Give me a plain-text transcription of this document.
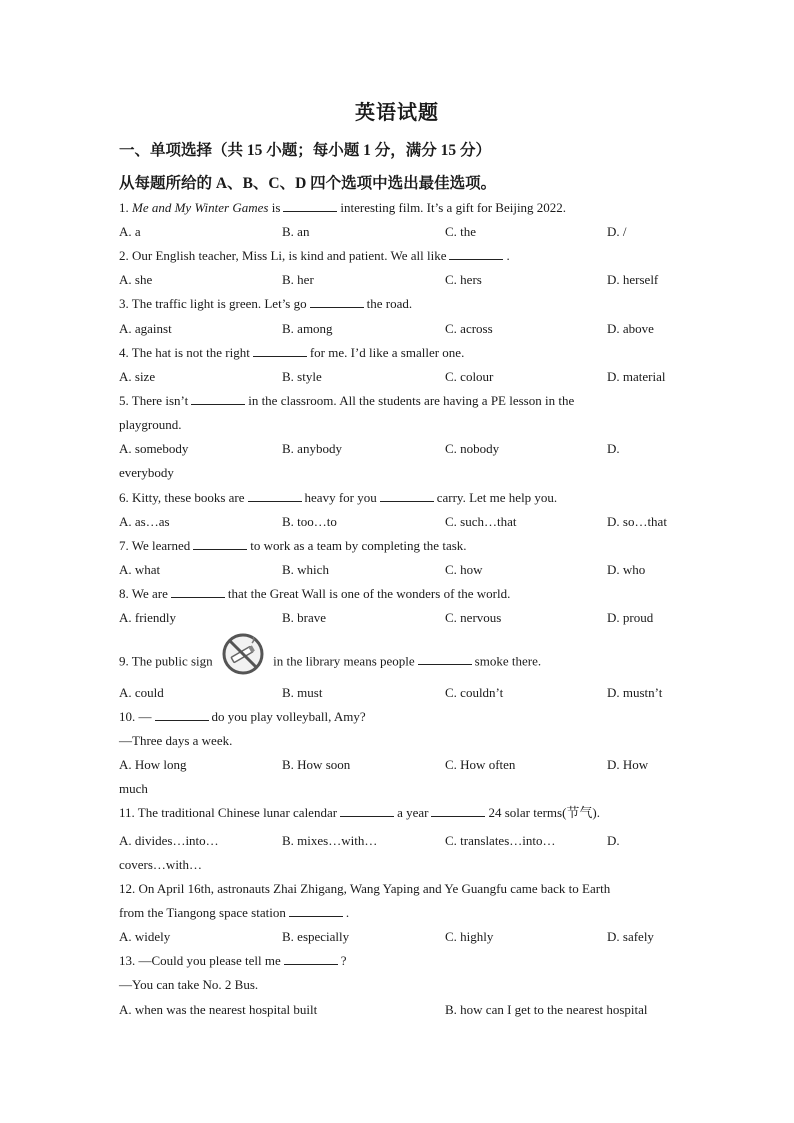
英语试题
一、单项选择（共 15 小题；每小题 1 分，满分 15 分）
从每题所给的 A、B、C、D 四个选项中选出最佳选项。
1. Me and My Winter Games is	interesting film. It’s a gift for Beijing 2022.
A. a	B. an	C. the	D. /
2. Our English teacher, Miss Li, is kind and patient. We all like	.
A. she	B. her	C. hers	D. herself
3. The traffic light is green. Let’s go	the road.
A. against	B. among	C. across	D. above
4. The hat is not the right	for me. I’d like a smaller one.
A. size	B. style	C. colour	D. material
5. There isn’t	in the classroom. All the students are having a PE lesson in the
playground.
A. somebody	B. anybody	C. nobody	D.
everybody
6. Kitty, these books are	heavy for you	carry. Let me help you.
A. as…as	B. too…to	C. such…that	D. so…that
7. We learned	to work as a team by completing the task.
A. what	B. which	C. how	D. who
8. We are	that the Great Wall is one of the wonders of the world.
A. friendly	B. brave	C. nervous	D. proud
9. The public sign	in the library means people	smoke there.
A. could	B. must	C. couldn’t	D. mustn’t
10. —	do you play volleyball, Amy?
—Three days a week.
A. How long	B. How soon	C. How often	D. How
much
11. The traditional Chinese lunar calendar	a year	24 solar terms(节气).
A. divides…into…	B. mixes…with…	C. translates…into…	D.
covers…with…
12. On April 16th, astronauts Zhai Zhigang, Wang Yaping and Ye Guangfu came back to Earth
from the Tiangong space station	.
A. widely	B. especially	C. highly	D. safely
13. —Could you please tell me	?
—You can take No. 2 Bus.
A. when was the nearest hospital built	B. how can I get to the nearest hospital
